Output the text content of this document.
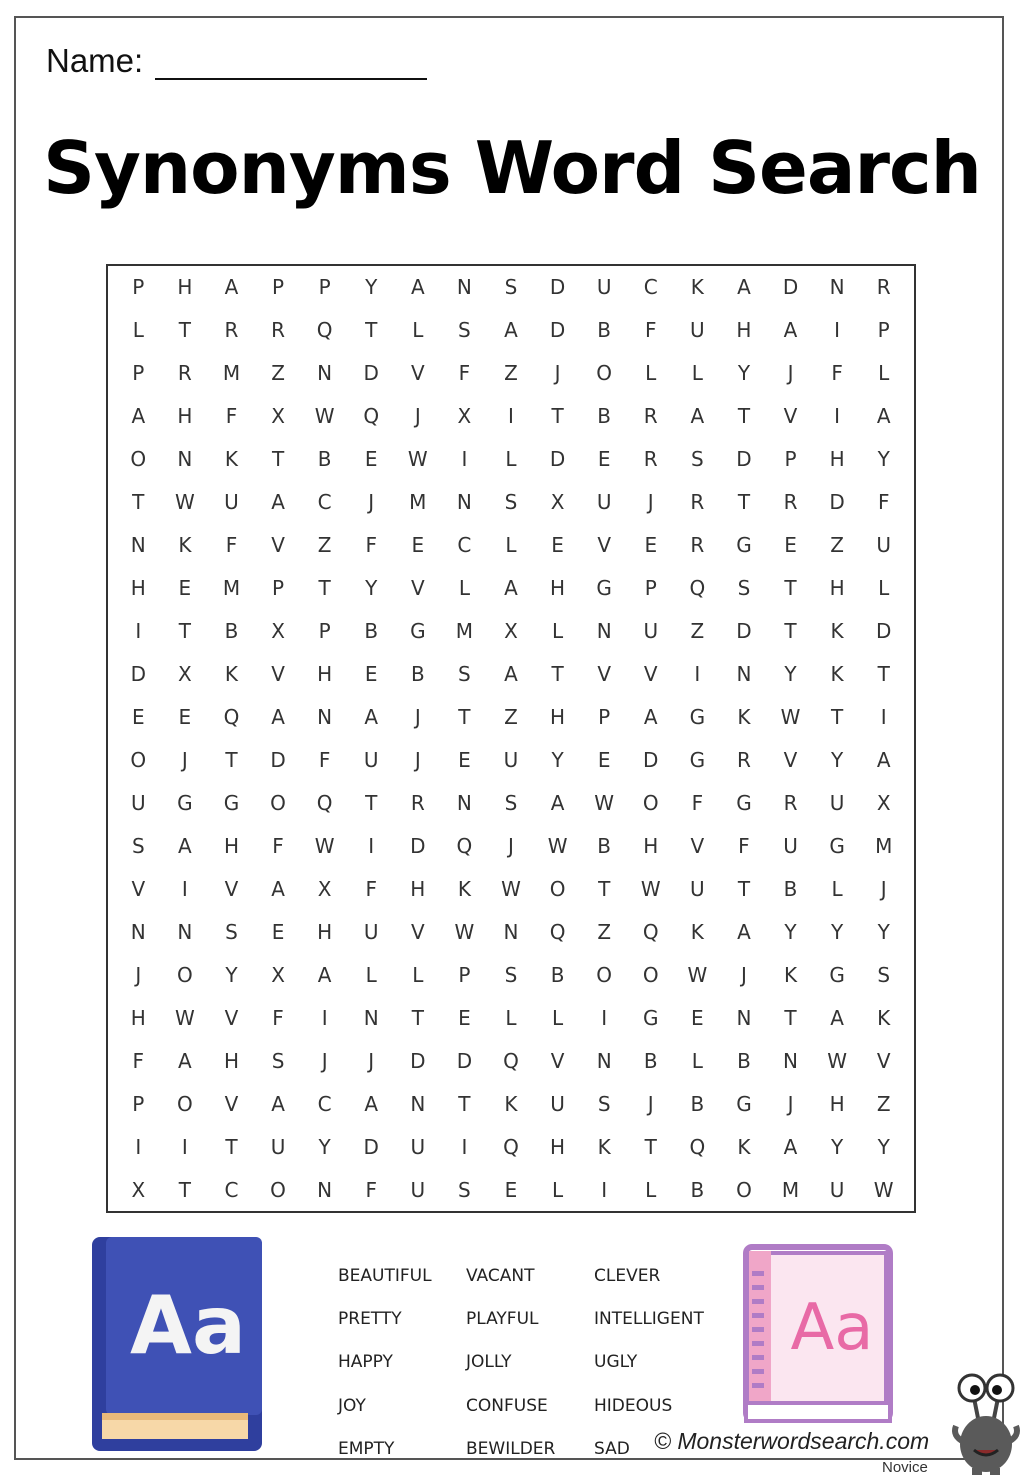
Name:
Synonyms Word Search
P	H	A	P	P	Y	A	N	S	D	U	C	K	A	D	N	R
L	T	R	R	Q	T	L	S	A	D	B	F	U	H	A	I	P
P	R	M	Z	N	D	V	F	Z	J	O	L	L	Y	J	F	L
A	H	F	X	W	Q	J	X	I	T	B	R	A	T	V	I	A
O	N	K	T	B	E	W	I	L	D	E	R	S	D	P	H	Y
T	W	U	A	C	J	M	N	S	X	U	J	R	T	R	D	F
N	K	F	V	Z	F	E	C	L	E	V	E	R	G	E	Z	U
H	E	M	P	T	Y	V	L	A	H	G	P	Q	S	T	H	L
I	T	B	X	P	B	G	M	X	L	N	U	Z	D	T	K	D
D	X	K	V	H	E	B	S	A	T	V	V	I	N	Y	K	T
E	E	Q	A	N	A	J	T	Z	H	P	A	G	K	W	T	I
O	J	T	D	F	U	J	E	U	Y	E	D	G	R	V	Y	A
U	G	G	O	Q	T	R	N	S	A	W	O	F	G	R	U	X
S	A	H	F	W	I	D	Q	J	W	B	H	V	F	U	G	M
V	I	V	A	X	F	H	K	W	O	T	W	U	T	B	L	J
N	N	S	E	H	U	V	W	N	Q	Z	Q	K	A	Y	Y	Y
J	O	Y	X	A	L	L	P	S	B	O	O	W	J	K	G	S
H	W	V	F	I	N	T	E	L	L	I	G	E	N	T	A	K
F	A	H	S	J	J	D	D	Q	V	N	B	L	B	N	W	V
P	O	V	A	C	A	N	T	K	U	S	J	B	G	J	H	Z
I	I	T	U	Y	D	U	I	Q	H	K	T	Q	K	A	Y	Y
X	T	C	O	N	F	U	S	E	L	I	L	B	O	M	U	W
Aa
BEAUTIFUL	VACANT	CLEVER
PRETTY	PLAYFUL	INTELLIGENT
HAPPY	JOLLY	UGLY
JOY	CONFUSE	HIDEOUS
EMPTY	BEWILDER	SAD
Aa
© Monsterwordsearch.com
Novice
